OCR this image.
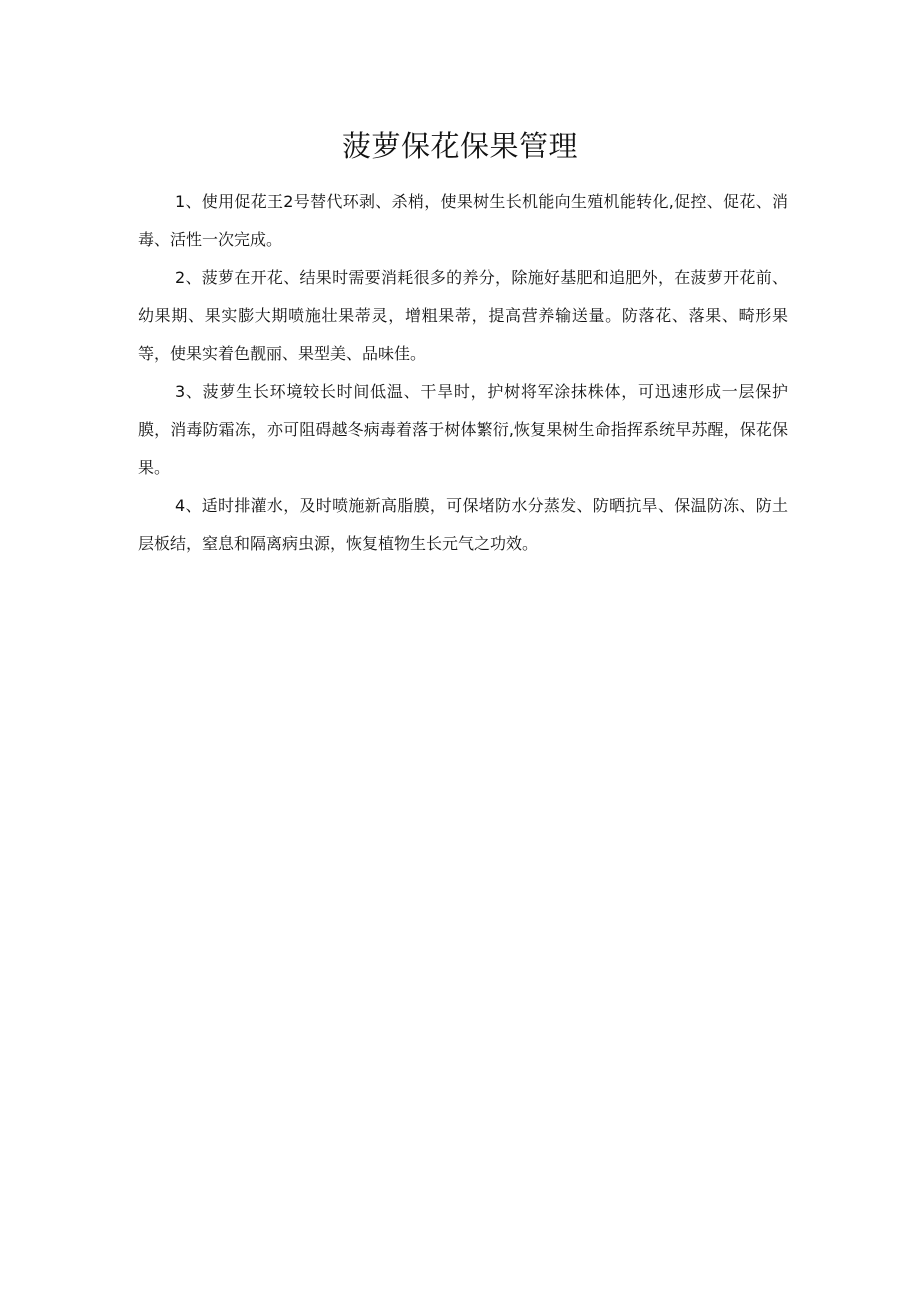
菠萝保花保果管理

1、使用促花王2号替代环剥、杀梢，使果树生长机能向生殖机能转化,促控、促花、消毒、活性一次完成。

2、菠萝在开花、结果时需要消耗很多的养分，除施好基肥和追肥外，在菠萝开花前、幼果期、果实膨大期喷施壮果蒂灵，增粗果蒂，提高营养输送量。防落花、落果、畸形果等，使果实着色靓丽、果型美、品味佳。

3、菠萝生长环境较长时间低温、干旱时，护树将军涂抹株体，可迅速形成一层保护膜，消毒防霜冻，亦可阻碍越冬病毒着落于树体繁衍,恢复果树生命指挥系统早苏醒，保花保果。

4、适时排灌水，及时喷施新高脂膜，可保堵防水分蒸发、防晒抗旱、保温防冻、防土层板结，窒息和隔离病虫源，恢复植物生长元气之功效。
